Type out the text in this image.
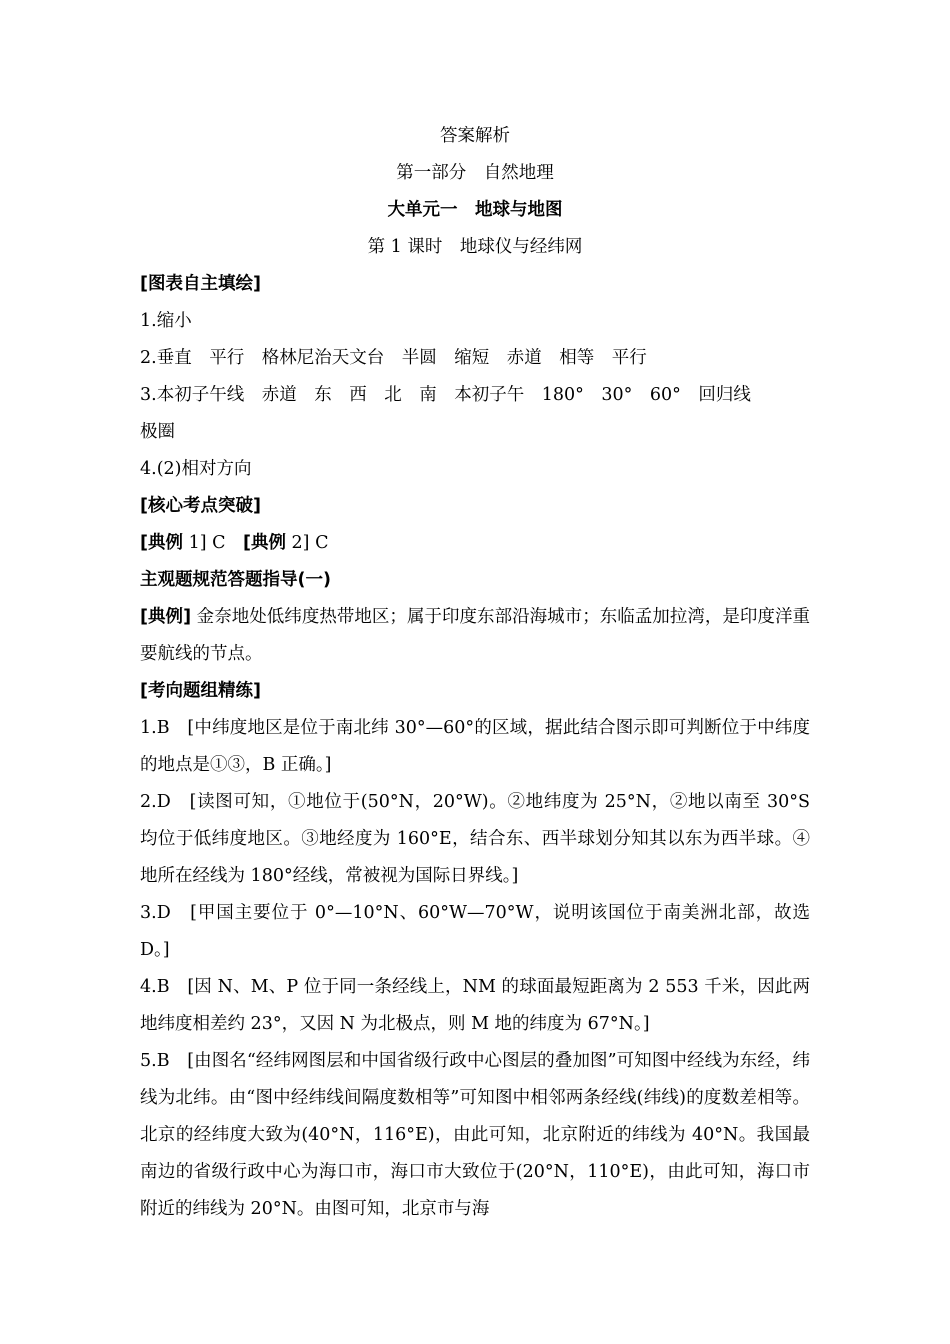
答案解析
第一部分　自然地理
大单元一　地球与地图
第 1 课时　地球仪与经纬网
[图表自主填绘]
1.缩小
2.垂直　平行　格林尼治天文台　半圆　缩短　赤道　相等　平行
3.本初子午线　赤道　东　西　北　南　本初子午　180°　30°　60°　回归线
极圈
4.(2)相对方向
[核心考点突破]
[典例 1] C　[典例 2] C
主观题规范答题指导(一)
[典例] 金奈地处低纬度热带地区；属于印度东部沿海城市；东临孟加拉湾，是印度洋重要航线的节点。
[考向题组精练]
1.B　[中纬度地区是位于南北纬 30°—60°的区域，据此结合图示即可判断位于中纬度的地点是①③，B 正确。]
2.D　[读图可知，①地位于(50°N，20°W)。②地纬度为 25°N，②地以南至 30°S 均位于低纬度地区。③地经度为 160°E，结合东、西半球划分知其以东为西半球。④地所在经线为 180°经线，常被视为国际日界线。]
3.D　[甲国主要位于 0°—10°N、60°W—70°W，说明该国位于南美洲北部，故选 D。]
4.B　[因 N、M、P 位于同一条经线上，NM 的球面最短距离为 2 553 千米，因此两地纬度相差约 23°，又因 N 为北极点，则 M 地的纬度为 67°N。]
5.B　[由图名“经纬网图层和中国省级行政中心图层的叠加图”可知图中经线为东经，纬线为北纬。由“图中经纬线间隔度数相等”可知图中相邻两条经线(纬线)的度数差相等。北京的经纬度大致为(40°N，116°E)，由此可知，北京附近的纬线为 40°N。我国最南边的省级行政中心为海口市，海口市大致位于(20°N，110°E)，由此可知，海口市附近的纬线为 20°N。由图可知，北京市与海
